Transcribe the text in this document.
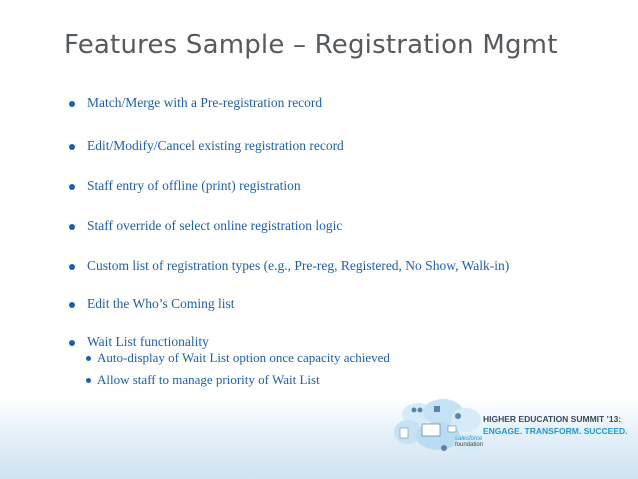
Features Sample – Registration Mgmt
Match/Merge with a Pre-registration record
Edit/Modify/Cancel existing registration record
Staff entry of offline (print) registration
Staff override of select online registration logic
Custom list of registration types (e.g., Pre-reg, Registered, No Show, Walk-in)
Edit the Who’s Coming list
Wait List functionality
Auto-display of Wait List option once capacity achieved
Allow staff to manage priority of Wait List
salesforce
foundation
HIGHER EDUCATION SUMMIT ’13:
ENGAGE. TRANSFORM. SUCCEED.
